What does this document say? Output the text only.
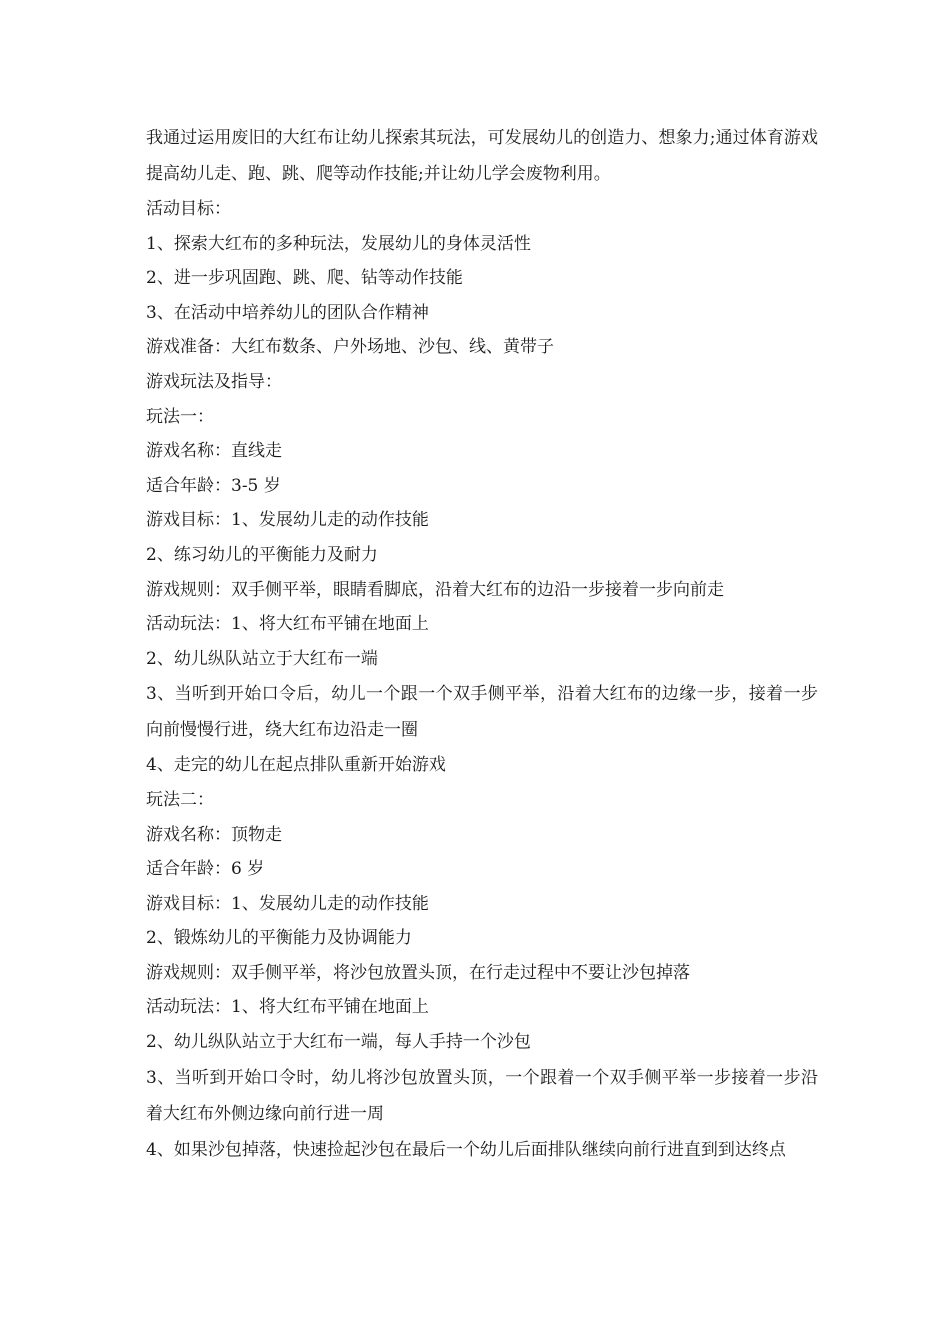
我通过运用废旧的大红布让幼儿探索其玩法，可发展幼儿的创造力、想象力;通过体育游戏提高幼儿走、跑、跳、爬等动作技能;并让幼儿学会废物利用。
活动目标：
1、探索大红布的多种玩法，发展幼儿的身体灵活性
2、进一步巩固跑、跳、爬、钻等动作技能
3、在活动中培养幼儿的团队合作精神
游戏准备：大红布数条、户外场地、沙包、线、黄带子
游戏玩法及指导：
玩法一：
游戏名称：直线走
适合年龄：3-5 岁
游戏目标：1、发展幼儿走的动作技能
2、练习幼儿的平衡能力及耐力
游戏规则：双手侧平举，眼睛看脚底，沿着大红布的边沿一步接着一步向前走
活动玩法：1、将大红布平铺在地面上
2、幼儿纵队站立于大红布一端
3、当听到开始口令后，幼儿一个跟一个双手侧平举，沿着大红布的边缘一步，接着一步向前慢慢行进，绕大红布边沿走一圈
4、走完的幼儿在起点排队重新开始游戏
玩法二：
游戏名称：顶物走
适合年龄：6 岁
游戏目标：1、发展幼儿走的动作技能
2、锻炼幼儿的平衡能力及协调能力
游戏规则：双手侧平举，将沙包放置头顶，在行走过程中不要让沙包掉落
活动玩法：1、将大红布平铺在地面上
2、幼儿纵队站立于大红布一端，每人手持一个沙包
3、当听到开始口令时，幼儿将沙包放置头顶，一个跟着一个双手侧平举一步接着一步沿着大红布外侧边缘向前行进一周
4、如果沙包掉落，快速捡起沙包在最后一个幼儿后面排队继续向前行进直到到达终点
